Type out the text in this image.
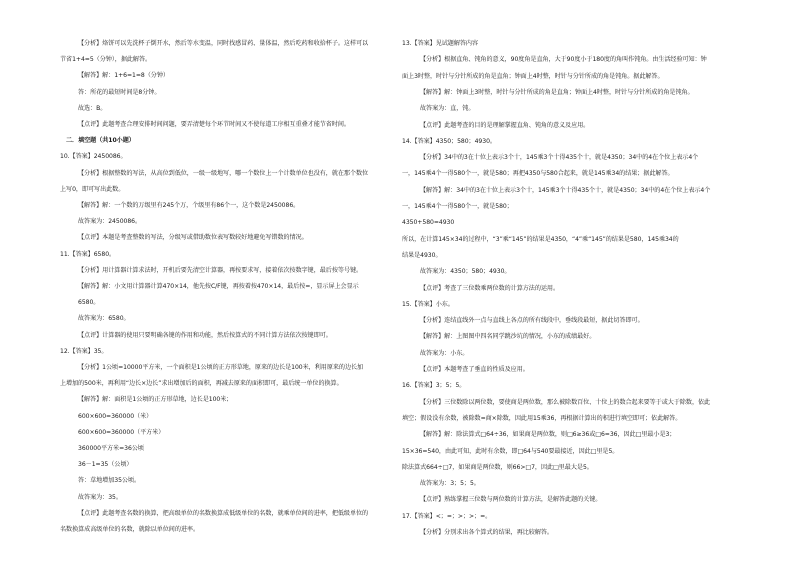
【分析】烙饼可以先洗杯子倒开水，然后等水变温，同时找感冒药、量体温，然后吃药和收拾杯子。这样可以
节省1+4=5（分钟），据此解答。
【解答】解：1+6=1=8（分钟）
答：所花的最短时间是8分钟。
故选：B。
【点评】此题考查合理安排时间问题，要弄清楚每个环节时间又不使每道工序相互重叠才能节省时间。
二．填空题（共10小题）
10.【答案】2450086。
【分析】根据整数的写法，从高位到低位，一级一级地写，哪一个数位上一个计数单位也没有，就在那个数位
上写0，即可写出此数。
【解答】解：一个数的万级里有245个万，个级里有86个一，这个数是2450086。
故答案为：2450086。
【点评】本题是考查整数的写法，分级写或借助数位表写数较好地避免写错数的情况。
11.【答案】6580。
【分析】用计算器计算求法时，开机后要先清空计算器，再按要求写，接着依次按数字键，最后按等号键。
【解答】解：小文用计算器计算470×14，他先按C/F键，再按着按470×14，最后按=，显示屏上会显示
6580。
故答案为：6580。
【点评】计算器的使用只要明确各键的作用和功能，然后按算式的不同计算方法依次按键即可。
12.【答案】35。
【分析】1公顷=10000平方米，一个面积是1公顷的正方形草地，原来的边长是100米，利用原来的边长加
上增加的500米，再利用“边长×边长”求出增加后的面积，再减去原来的面积即可，最后统一单位的换算。
【解答】解：面积是1公顷的正方形草地，边长是100米；
600×600=360000（米）
600×600=360000（平方米）
360000平方米=36公顷
36－1=35（公顷）
答：草地增加35公顷。
故答案为：35。
【点评】此题考查名数的换算，把高级单位的名数换算成低级单位的名数，就乘单位间的进率，把低级单位的
名数换算成高级单位的名数，就除以单位间的进率。
13.【答案】见试题解答内容
【分析】根据直角、钝角的意义，90度角是直角，大于90度小于180度的角叫作钝角。由生活经验可知：钟
面上3时整，时针与分针所成的角是直角；钟面上4时整，时针与分针所成的角是钝角。据此解答。
【解答】解：钟面上3时整，时针与分针所成的角是直角；钟面上4时整，时针与分针所成的角是钝角。
故答案为：直，钝。
【点评】此题考查的目的是理解掌握直角、钝角的意义及应用。
14.【答案】4350；580；4930。
【分析】34中的3在十位上表示3个十，145乘3个十得435个十，就是4350；34中的4在个位上表示4个
一，145乘4个一得580个一，就是580；再把4350与580合起来，就是145乘34的结果；据此解答。
【解答】解：34中的3在十位上表示3个十，145乘3个十得435个十，就是4350；34中的4在个位上表示4个
一，145乘4个一得580个一，就是580；
4350+580=4930
所以，在计算145×34的过程中，“3”乘“145”的结果是4350，“4”乘“145”的结果是580，145乘34的
结果是4930。
故答案为：4350；580；4930。
【点评】考查了三位数乘两位数的计算方法的运用。
15.【答案】小东。
【分析】连结直线外一点与直线上各点的所有线段中，垂线段最短，据此切答即可。
【解答】解：上图图中四名同学跳沙坑的情况，小东的成绩最好。
故答案为：小东。
【点评】本题考查了垂直的性质及应用。
16.【答案】3；5；5。
【分析】三位数除以两位数，要使商是两位数，那么被除数百位、十位上的数合起来要等于或大于除数，依此
填空；假设没有余数，被除数=商×除数，因此用15乘36，再根据计算出的积进行填空即可；依此解答。
【解答】解：除法算式□64÷36，如果商是两位数，则□6≥36或□6=36，因此□里最小是3；
15×36=540，由此可知，此时有余数，即□64与540要最接近，因此□里是5。
除法算式664÷□7，如果商是两位数，则66>□7，因此□里最大是5。
故答案为：3；5；5。
【点评】熟练掌握三位数与两位数的计算方法，是解答此题的关键。
17.【答案】<；=；>；>；=。
【分析】分别求出各个算式的结果，再比较解答。
